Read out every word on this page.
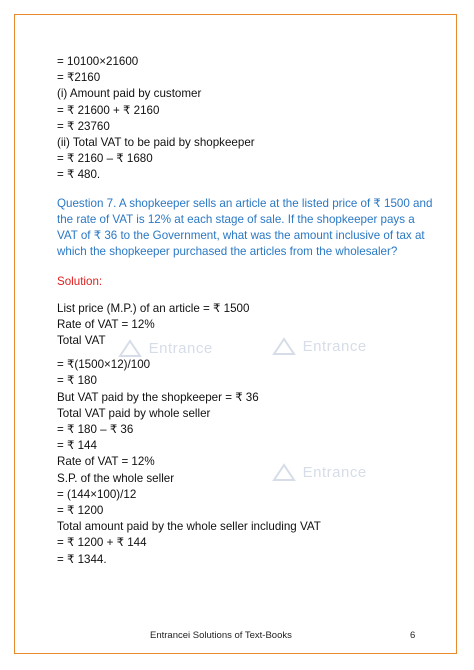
Entrance	Entrance
Entrance
= 10100×21600
= ₹2160
(i) Amount paid by customer
= ₹ 21600 + ₹ 2160
= ₹ 23760
(ii) Total VAT to be paid by shopkeeper
= ₹ 2160 – ₹ 1680
= ₹ 480.
Question 7. A shopkeeper sells an article at the listed price of ₹ 1500 and the rate of VAT is 12% at each stage of sale. If the shopkeeper pays a VAT of ₹ 36 to the Government, what was the amount inclusive of tax at which the shopkeeper purchased the articles from the wholesaler?
Solution:
List price (M.P.) of an article = ₹ 1500
Rate of VAT = 12%
Total VAT
= ₹(1500×12)/100
= ₹ 180
But VAT paid by the shopkeeper = ₹ 36
Total VAT paid by whole seller
= ₹ 180 – ₹ 36
= ₹ 144
Rate of VAT = 12%
S.P. of the whole seller
= (144×100)/12
= ₹ 1200
Total amount paid by the whole seller including VAT
= ₹ 1200 + ₹ 144
= ₹ 1344.
Entrancei Solutions of Text-Books	6
